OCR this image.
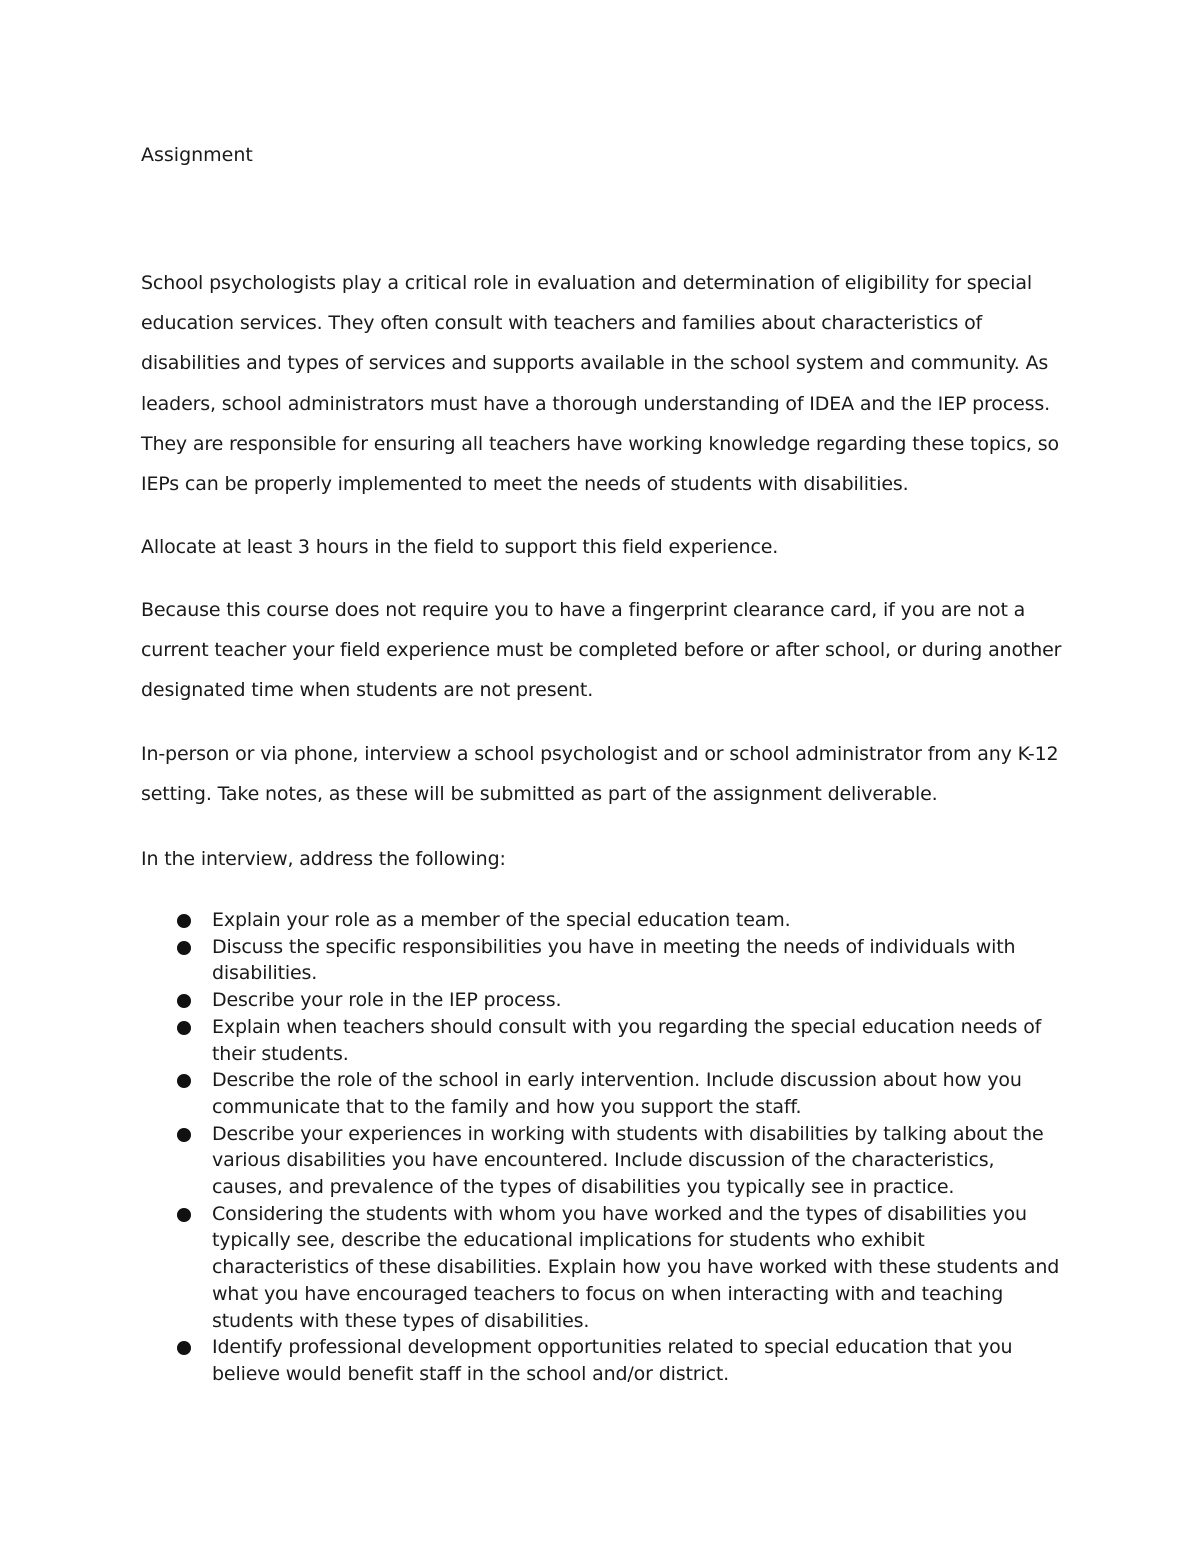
Assignment

School psychologists play a critical role in evaluation and determination of eligibility for special education services. They often consult with teachers and families about characteristics of disabilities and types of services and supports available in the school system and community. As leaders, school administrators must have a thorough understanding of IDEA and the IEP process. They are responsible for ensuring all teachers have working knowledge regarding these topics, so IEPs can be properly implemented to meet the needs of students with disabilities.

Allocate at least 3 hours in the field to support this field experience.

Because this course does not require you to have a fingerprint clearance card, if you are not a current teacher your field experience must be completed before or after school, or during another designated time when students are not present.

In-person or via phone, interview a school psychologist and or school administrator from any K-12 setting. Take notes, as these will be submitted as part of the assignment deliverable.

In the interview, address the following:

Explain your role as a member of the special education team.
Discuss the specific responsibilities you have in meeting the needs of individuals with disabilities.
Describe your role in the IEP process.
Explain when teachers should consult with you regarding the special education needs of their students.
Describe the role of the school in early intervention. Include discussion about how you communicate that to the family and how you support the staff.
Describe your experiences in working with students with disabilities by talking about the various disabilities you have encountered. Include discussion of the characteristics, causes, and prevalence of the types of disabilities you typically see in practice.
Considering the students with whom you have worked and the types of disabilities you typically see, describe the educational implications for students who exhibit characteristics of these disabilities. Explain how you have worked with these students and what you have encouraged teachers to focus on when interacting with and teaching students with these types of disabilities.
Identify professional development opportunities related to special education that you believe would benefit staff in the school and/or district.
